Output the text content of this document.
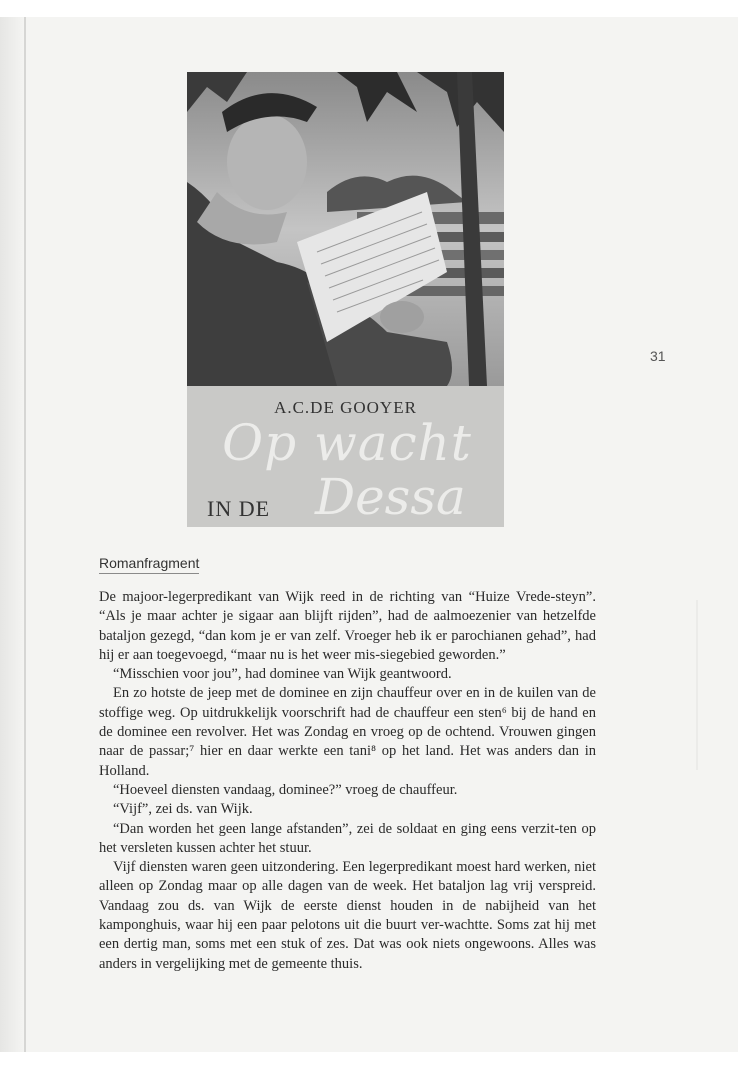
31
A.C.DE GOOYER
Op wacht
IN DE Dessa
Romanfragment

De majoor-legerpredikant van Wijk reed in de richting van “Huize Vrede-steyn”. “Als je maar achter je sigaar aan blijft rijden”, had de aalmoezenier van hetzelfde bataljon gezegd, “dan kom je er van zelf. Vroeger heb ik er parochianen gehad”, had hij er aan toegevoegd, “maar nu is het weer mis-siegebied geworden.”

“Misschien voor jou”, had dominee van Wijk geantwoord.

En zo hotste de jeep met de dominee en zijn chauffeur over en in de kuilen van de stoffige weg. Op uitdrukkelijk voorschrift had de chauffeur een sten⁶ bij de hand en de dominee een revolver. Het was Zondag en vroeg op de ochtend. Vrouwen gingen naar de passar;⁷ hier en daar werkte een tani⁸ op het land. Het was anders dan in Holland.

“Hoeveel diensten vandaag, dominee?” vroeg de chauffeur.

“Vijf”, zei ds. van Wijk.

“Dan worden het geen lange afstanden”, zei de soldaat en ging eens verzit-ten op het versleten kussen achter het stuur.

Vijf diensten waren geen uitzondering. Een legerpredikant moest hard werken, niet alleen op Zondag maar op alle dagen van de week. Het bataljon lag vrij verspreid. Vandaag zou ds. van Wijk de eerste dienst houden in de nabijheid van het kamponghuis, waar hij een paar pelotons uit die buurt ver-wachtte. Soms zat hij met een dertig man, soms met een stuk of zes. Dat was ook niets ongewoons. Alles was anders in vergelijking met de gemeente thuis.
